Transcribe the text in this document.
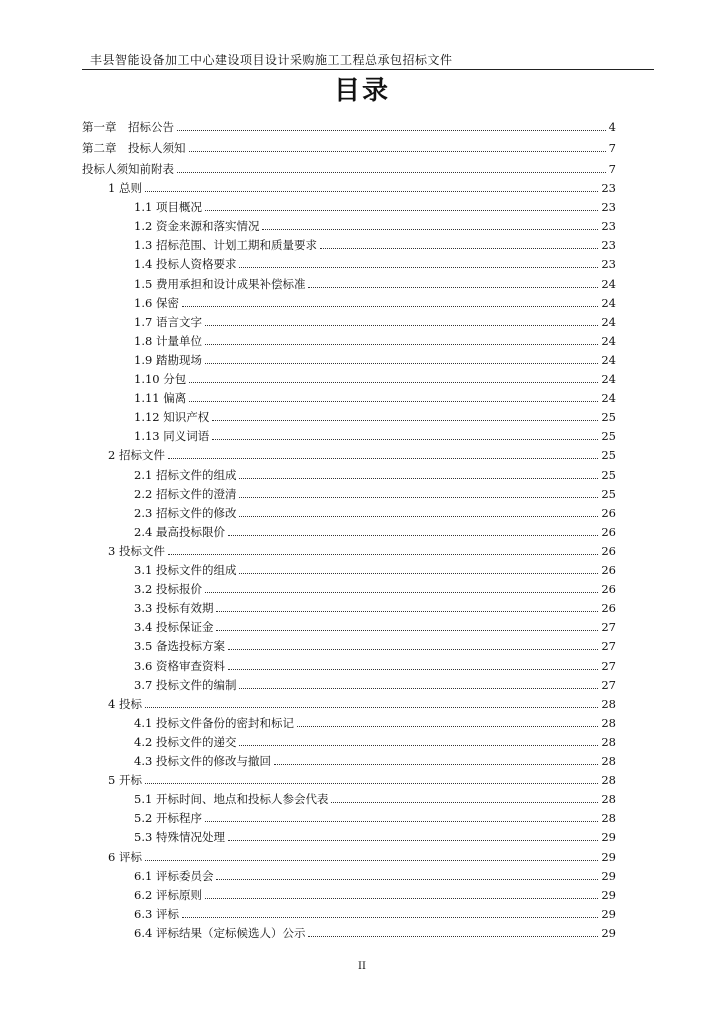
丰县智能设备加工中心建设项目设计采购施工工程总承包招标文件
目录
第一章　招标公告	4
第二章　投标人须知	7
投标人须知前附表	7
1 总则	23
1.1 项目概况	23
1.2 资金来源和落实情况	23
1.3 招标范围、计划工期和质量要求	23
1.4 投标人资格要求	23
1.5 费用承担和设计成果补偿标准	24
1.6 保密	24
1.7 语言文字	24
1.8 计量单位	24
1.9 踏勘现场	24
1.10 分包	24
1.11 偏离	24
1.12 知识产权	25
1.13 同义词语	25
2 招标文件	25
2.1 招标文件的组成	25
2.2 招标文件的澄清	25
2.3 招标文件的修改	26
2.4 最高投标限价	26
3 投标文件	26
3.1 投标文件的组成	26
3.2 投标报价	26
3.3 投标有效期	26
3.4 投标保证金	27
3.5 备选投标方案	27
3.6 资格审查资料	27
3.7 投标文件的编制	27
4 投标	28
4.1 投标文件备份的密封和标记	28
4.2 投标文件的递交	28
4.3 投标文件的修改与撤回	28
5 开标	28
5.1 开标时间、地点和投标人参会代表	28
5.2 开标程序	28
5.3 特殊情况处理	29
6 评标	29
6.1 评标委员会	29
6.2 评标原则	29
6.3 评标	29
6.4 评标结果（定标候选人）公示	29
II
